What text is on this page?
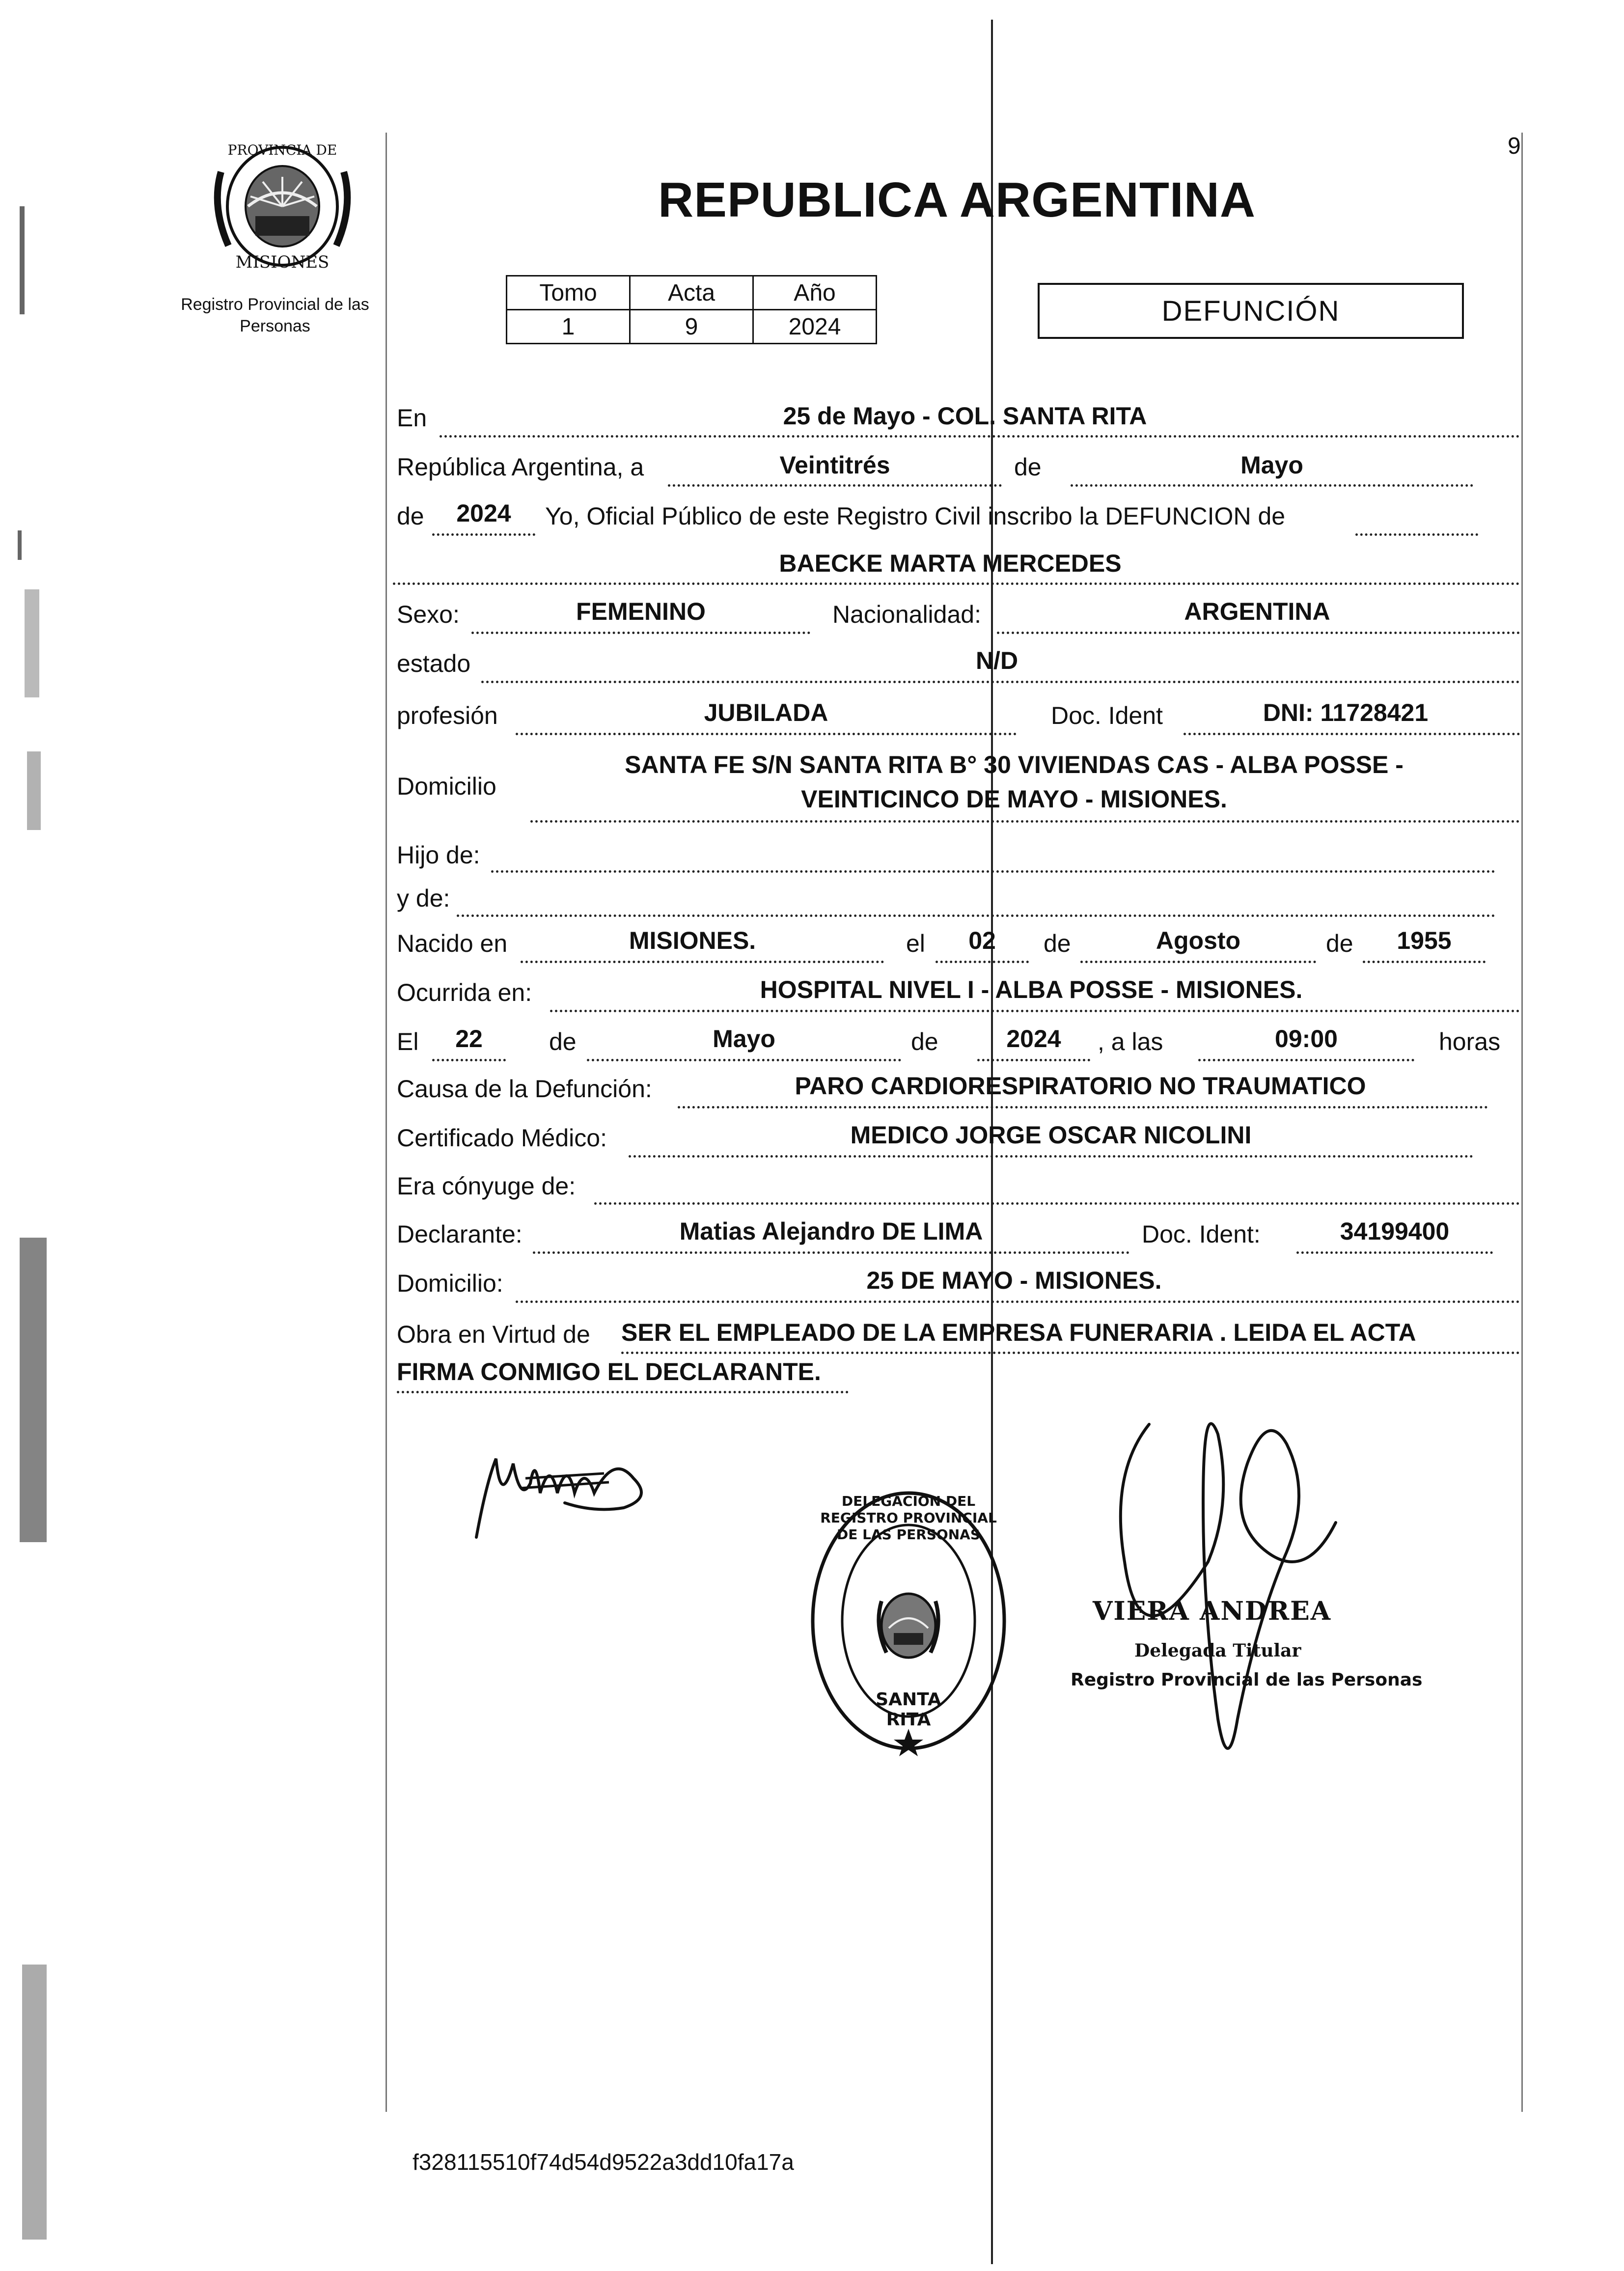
9
PROVINCIA DE
MISIONES
Registro Provincial de las Personas
REPUBLICA ARGENTINA
Tomo	Acta	Año
1	9	2024	DEFUNCIÓN
En	25 de Mayo - COL. SANTA RITA
República Argentina, a	Veintitrés	de	Mayo
de	2024	Yo, Oficial Público de este Registro Civil inscribo la DEFUNCION de
BAECKE MARTA MERCEDES
Sexo:	FEMENINO	Nacionalidad:	ARGENTINA
estado	N/D
profesión	JUBILADA	Doc. Ident	DNI: 11728421
Domicilio
SANTA FE S/N SANTA RITA B° 30 VIVIENDAS CAS - ALBA POSSE -
VEINTICINCO DE MAYO - MISIONES.
Hijo de:
y de:
Nacido en	MISIONES.	el	02	de	Agosto	de	1955
Ocurrida en:	HOSPITAL NIVEL I - ALBA POSSE - MISIONES.
El	22	de	Mayo	de	2024	, a las	09:00	horas
Causa de la Defunción:	PARO CARDIORESPIRATORIO NO TRAUMATICO
Certificado Médico:	MEDICO JORGE OSCAR NICOLINI
Era cónyuge de:
Declarante:	Matias Alejandro DE LIMA	Doc. Ident:	34199400
Domicilio:	25 DE MAYO - MISIONES.
Obra en Virtud de SER EL EMPLEADO DE LA EMPRESA FUNERARIA . LEIDA EL ACTA
FIRMA CONMIGO EL DECLARANTE.
DELEGACION DEL REGISTRO PROVINCIAL DE LAS PERSONAS
SANTA RITA
VIERA ANDREA
Delegada Titular
Registro Provincial de las Personas
f328115510f74d54d9522a3dd10fa17a
